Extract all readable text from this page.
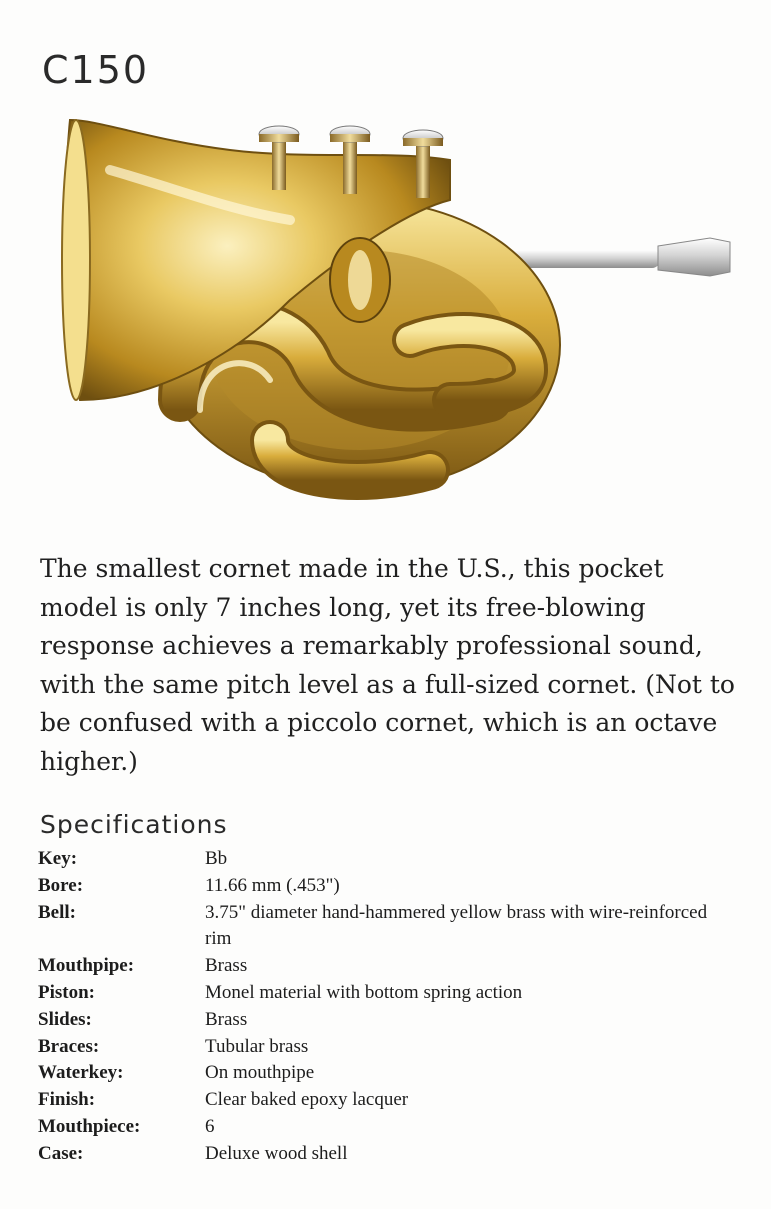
C150

The smallest cornet made in the U.S., this pocket model is only 7 inches long, yet its free-blowing response achieves a remarkably professional sound, with the same pitch level as a full-sized cornet. (Not to be confused with a piccolo cornet, which is an octave higher.)

Specifications
Key:	Bb
Bore:	11.66 mm (.453")
Bell:	3.75" diameter hand-hammered yellow brass with wire-reinforced rim
Mouthpipe:	Brass
Piston:	Monel material with bottom spring action
Slides:	Brass
Braces:	Tubular brass
Waterkey:	On mouthpipe
Finish:	Clear baked epoxy lacquer
Mouthpiece:	6
Case:	Deluxe wood shell
